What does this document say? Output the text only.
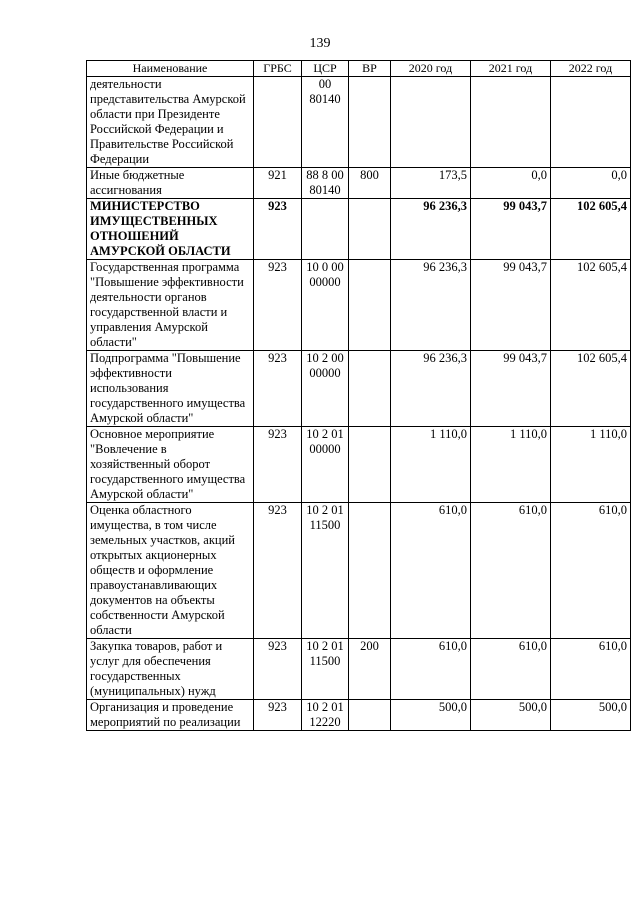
139
Наименование	ГРБС	ЦСР	ВР	2020 год	2021 год	2022 год
деятельности представительства Амурской области при Президенте Российской Федерации и Правительстве Российской Федерации		00 80140				
Иные бюджетные ассигнования	921	88 8 00 80140	800	173,5	0,0	0,0
МИНИСТЕРСТВО ИМУЩЕСТВЕННЫХ ОТНОШЕНИЙ АМУРСКОЙ ОБЛАСТИ	923			96 236,3	99 043,7	102 605,4
Государственная программа "Повышение эффективности деятельности органов государственной власти и управления Амурской области"	923	10 0 00 00000		96 236,3	99 043,7	102 605,4
Подпрограмма "Повышение эффективности использования государственного имущества Амурской области"	923	10 2 00 00000		96 236,3	99 043,7	102 605,4
Основное мероприятие "Вовлечение в хозяйственный оборот государственного имущества Амурской области"	923	10 2 01 00000		1 110,0	1 110,0	1 110,0
Оценка областного имущества, в том числе земельных участков, акций открытых акционерных обществ и оформление правоустанавливающих документов на объекты собственности Амурской области	923	10 2 01 11500		610,0	610,0	610,0
Закупка товаров, работ и услуг для обеспечения государственных (муниципальных) нужд	923	10 2 01 11500	200	610,0	610,0	610,0
Организация и проведение мероприятий по реализации	923	10 2 01 12220		500,0	500,0	500,0
